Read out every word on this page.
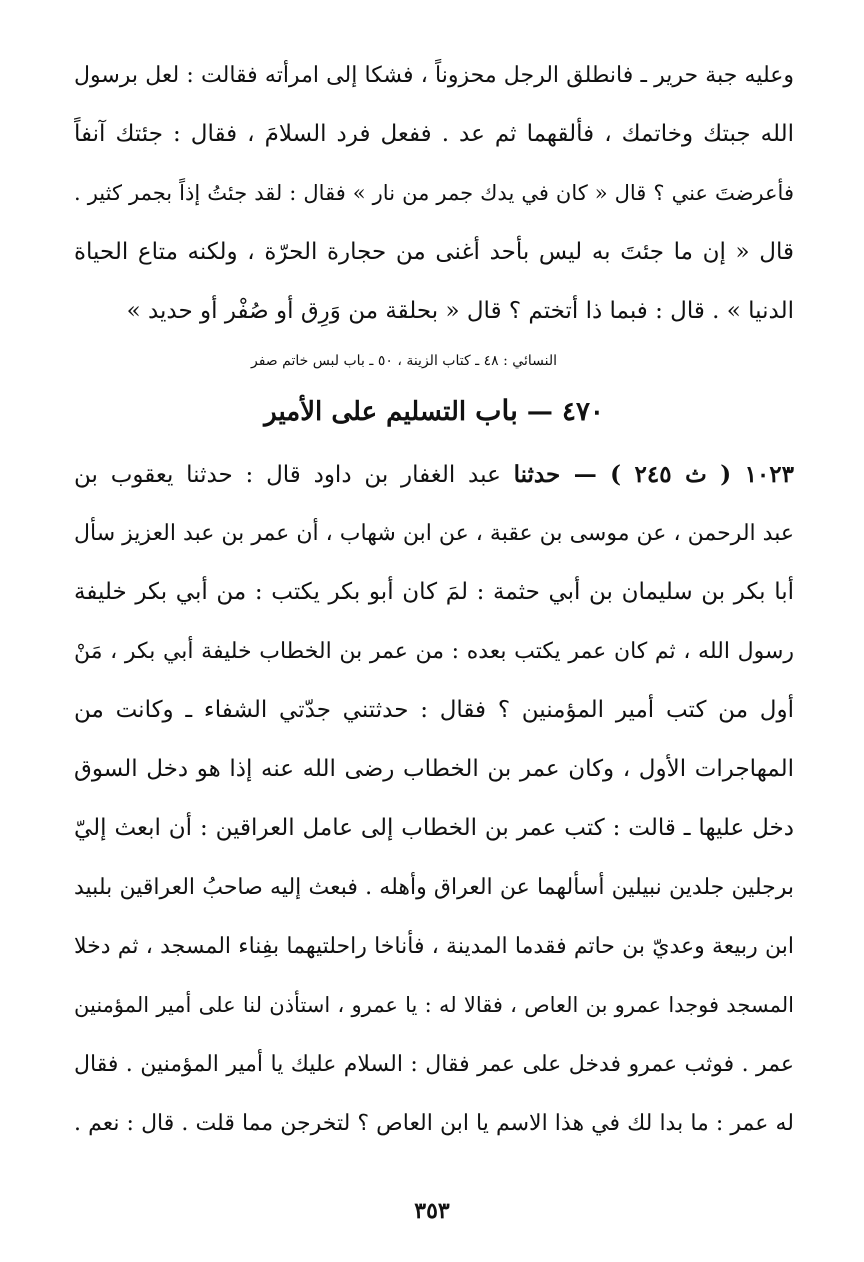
وعليه جبة حرير ـ فانطلق الرجل محزوناً ، فشكا إلى امرأته فقالت : لعل برسول
الله جبتك وخاتمك ، فألقهما ثم عد . ففعل فرد السلامَ ، فقال : جئتك آنفاً
فأعرضتَ عني ؟ قال « كان في يدك جمر من نار » فقال : لقد جئتُ إذاً بجمر كثير .
قال « إن ما جئتَ به ليس بأحد أغنى من حجارة الحرّة ، ولكنه متاع الحياة
الدنيا » . قال : فبما ذا أتختم ؟ قال « بحلقة من وَرِق أو صُفْر أو حديد »
النسائي : ٤٨ ـ كتاب الزينة ، ٥٠ ـ باب لبس خاتم صفر
٤٧٠ — باب التسليم على الأمير
١٠٢٣ ( ث ٢٤٥ ) — حدثنا عبد الغفار بن داود قال : حدثنا يعقوب بن
عبد الرحمن ، عن موسى بن عقبة ، عن ابن شهاب ، أن عمر بن عبد العزيز سأل
أبا بكر بن سليمان بن أبي حثمة : لمَ كان أبو بكر يكتب : من أبي بكر خليفة
رسول الله ، ثم كان عمر يكتب بعده : من عمر بن الخطاب خليفة أبي بكر ، مَنْ
أول من كتب أمير المؤمنين ؟ فقال : حدثتني جدّتي الشفاء ـ وكانت من
المهاجرات الأول ، وكان عمر بن الخطاب رضى الله عنه إذا هو دخل السوق
دخل عليها ـ قالت : كتب عمر بن الخطاب إلى عامل العراقين : أن ابعث إليّ
برجلين جلدين نبيلين أسألهما عن العراق وأهله . فبعث إليه صاحبُ العراقين بلبيد
ابن ربيعة وعديّ بن حاتم فقدما المدينة ، فأناخا راحلتيهما بفِناء المسجد ، ثم دخلا
المسجد فوجدا عمرو بن العاص ، فقالا له : يا عمرو ، استأذن لنا على أمير المؤمنين
عمر . فوثب عمرو فدخل على عمر فقال : السلام عليك يا أمير المؤمنين . فقال
له عمر : ما بدا لك في هذا الاسم يا ابن العاص ؟ لتخرجن مما قلت . قال : نعم .
٣٥٣
